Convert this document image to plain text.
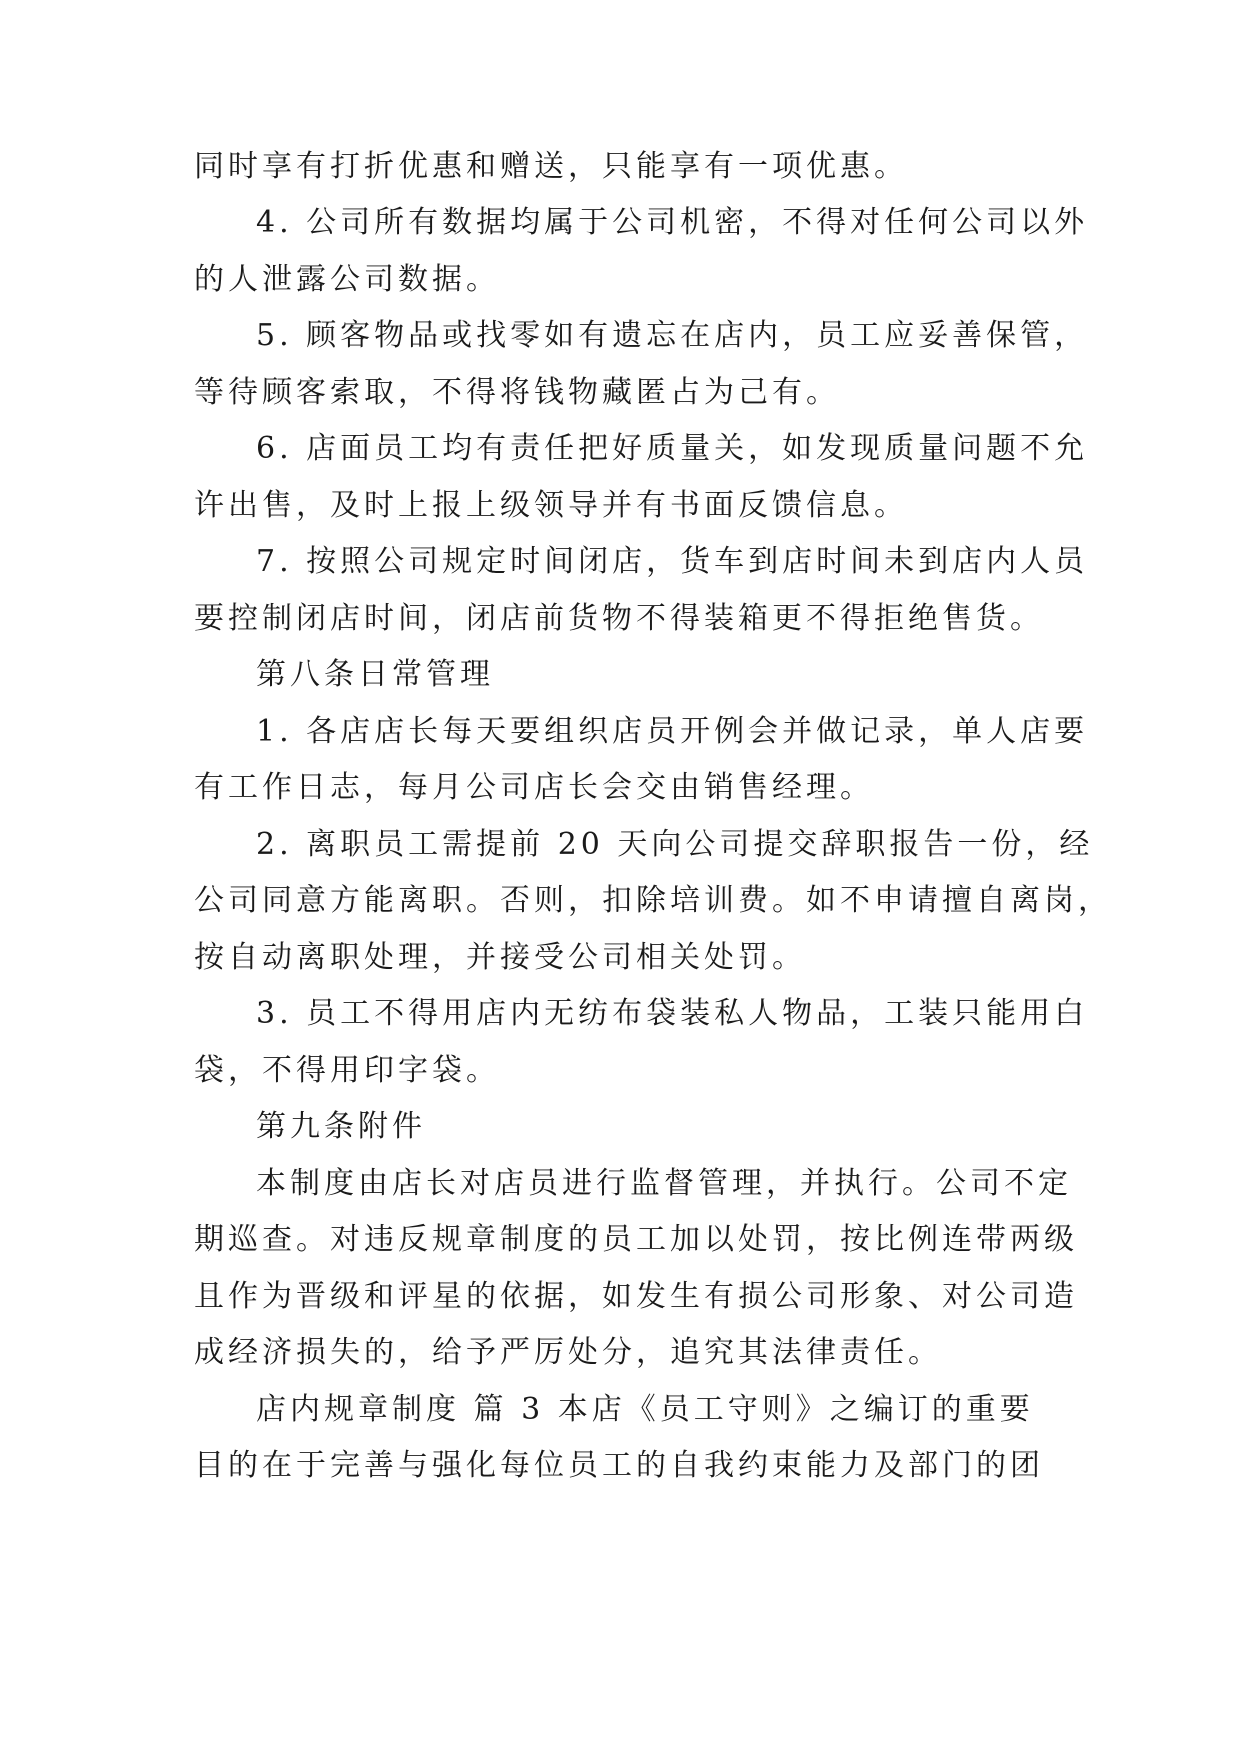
同时享有打折优惠和赠送，只能享有一项优惠。
4. 公司所有数据均属于公司机密，不得对任何公司以外
的人泄露公司数据。
5. 顾客物品或找零如有遗忘在店内，员工应妥善保管，
等待顾客索取，不得将钱物藏匿占为己有。
6. 店面员工均有责任把好质量关，如发现质量问题不允
许出售，及时上报上级领导并有书面反馈信息。
7. 按照公司规定时间闭店，货车到店时间未到店内人员
要控制闭店时间，闭店前货物不得装箱更不得拒绝售货。
第八条日常管理
1. 各店店长每天要组织店员开例会并做记录，单人店要
有工作日志，每月公司店长会交由销售经理。
2. 离职员工需提前 20 天向公司提交辞职报告一份，经
公司同意方能离职。否则，扣除培训费。如不申请擅自离岗，
按自动离职处理，并接受公司相关处罚。
3. 员工不得用店内无纺布袋装私人物品，工装只能用白
袋，不得用印字袋。
第九条附件
本制度由店长对店员进行监督管理，并执行。公司不定
期巡查。对违反规章制度的员工加以处罚，按比例连带两级
且作为晋级和评星的依据，如发生有损公司形象、对公司造
成经济损失的，给予严厉处分，追究其法律责任。
店内规章制度 篇 3 本店《员工守则》之编订的重要
目的在于完善与强化每位员工的自我约束能力及部门的团
